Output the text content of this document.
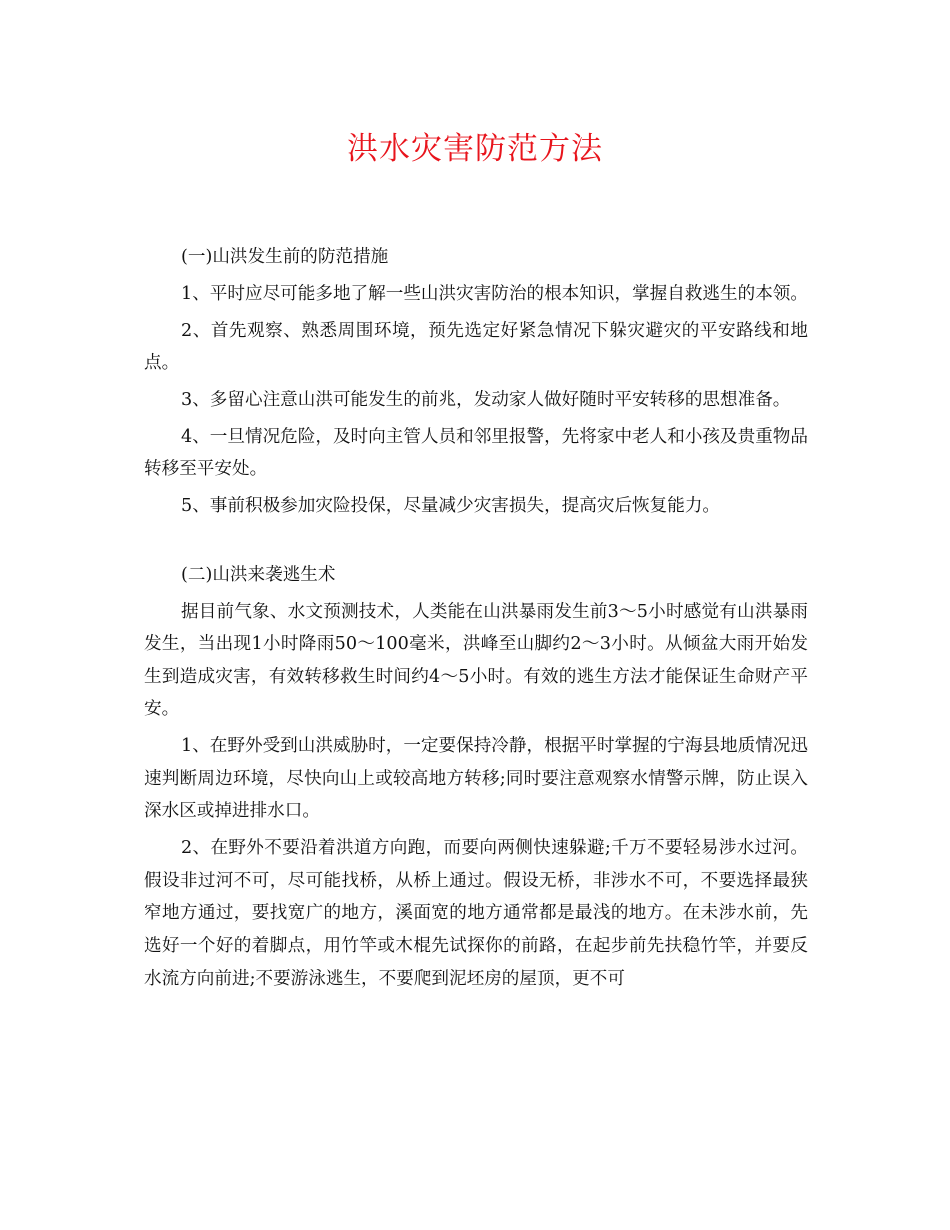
洪水灾害防范方法
(一)山洪发生前的防范措施
1、平时应尽可能多地了解一些山洪灾害防治的根本知识，掌握自救逃生的本领。
2、首先观察、熟悉周围环境，预先选定好紧急情况下躲灾避灾的平安路线和地点。
3、多留心注意山洪可能发生的前兆，发动家人做好随时平安转移的思想准备。
4、一旦情况危险，及时向主管人员和邻里报警，先将家中老人和小孩及贵重物品转移至平安处。
5、事前积极参加灾险投保，尽量减少灾害损失，提高灾后恢复能力。
(二)山洪来袭逃生术
据目前气象、水文预测技术，人类能在山洪暴雨发生前3～5小时感觉有山洪暴雨发生，当出现1小时降雨50～100毫米，洪峰至山脚约2～3小时。从倾盆大雨开始发生到造成灾害，有效转移救生时间约4～5小时。有效的逃生方法才能保证生命财产平安。
1、在野外受到山洪威胁时，一定要保持冷静，根据平时掌握的宁海县地质情况迅速判断周边环境，尽快向山上或较高地方转移;同时要注意观察水情警示牌，防止误入深水区或掉进排水口。
2、在野外不要沿着洪道方向跑，而要向两侧快速躲避;千万不要轻易涉水过河。假设非过河不可，尽可能找桥，从桥上通过。假设无桥，非涉水不可，不要选择最狭窄地方通过，要找宽广的地方，溪面宽的地方通常都是最浅的地方。在未涉水前，先选好一个好的着脚点，用竹竿或木棍先试探你的前路，在起步前先扶稳竹竿，并要反水流方向前进;不要游泳逃生，不要爬到泥坯房的屋顶，更不可
